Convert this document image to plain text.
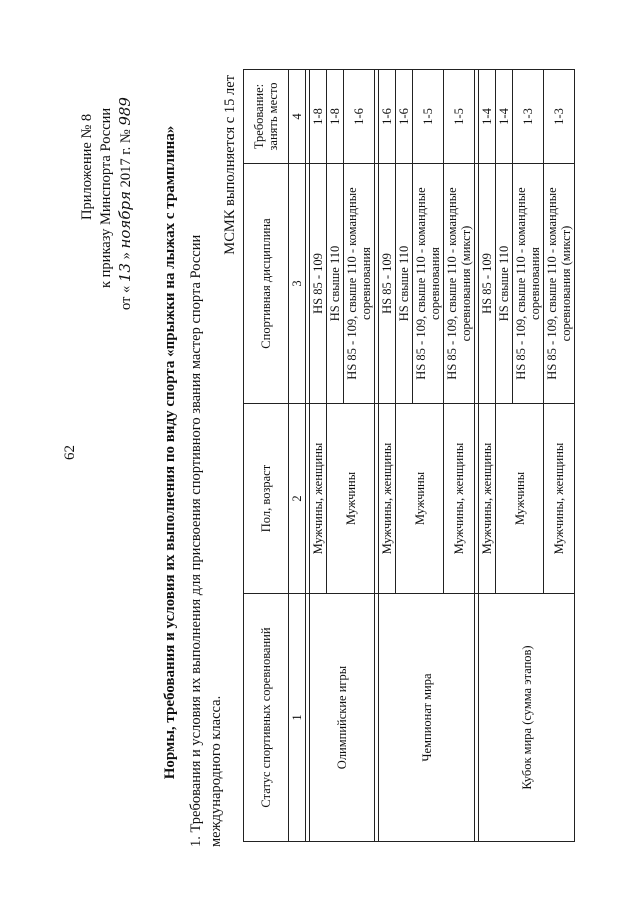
62
Приложение № 8 к приказу Минспорта России
от « 13 » ноября 2017 г. № 989
Нормы, требования и условия их выполнения по виду спорта «прыжки на лыжах с трамплина» 1. Требования и условия их выполнения для присвоения спортивного звания мастер спорта России международного класса.
МСМК выполняется с 15 лет
Статус спортивных соревнований	Пол, возраст	Спортивная дисциплина	Требование: занять место
1	2	3	4

Олимпийские игры	Мужчины, женщины	HS 85 - 109	1-8
	Мужчины	HS свыше 110	1-8
		HS 85 - 109, свыше 110 - командные соревнования	1-6

Чемпионат мира	Мужчины, женщины	HS 85 - 109	1-6
	Мужчины	HS свыше 110	1-6
		HS 85 - 109, свыше 110 - командные соревнования	1-5
	Мужчины, женщины	HS 85 - 109, свыше 110 - командные соревнования (микст)	1-5

Кубок мира (сумма этапов)	Мужчины, женщины	HS 85 - 109	1-4
	Мужчины	HS свыше 110	1-4
		HS 85 - 109, свыше 110 - командные соревнования	1-3
	Мужчины, женщины	HS 85 - 109, свыше 110 - командные соревнования (микст)	1-3
